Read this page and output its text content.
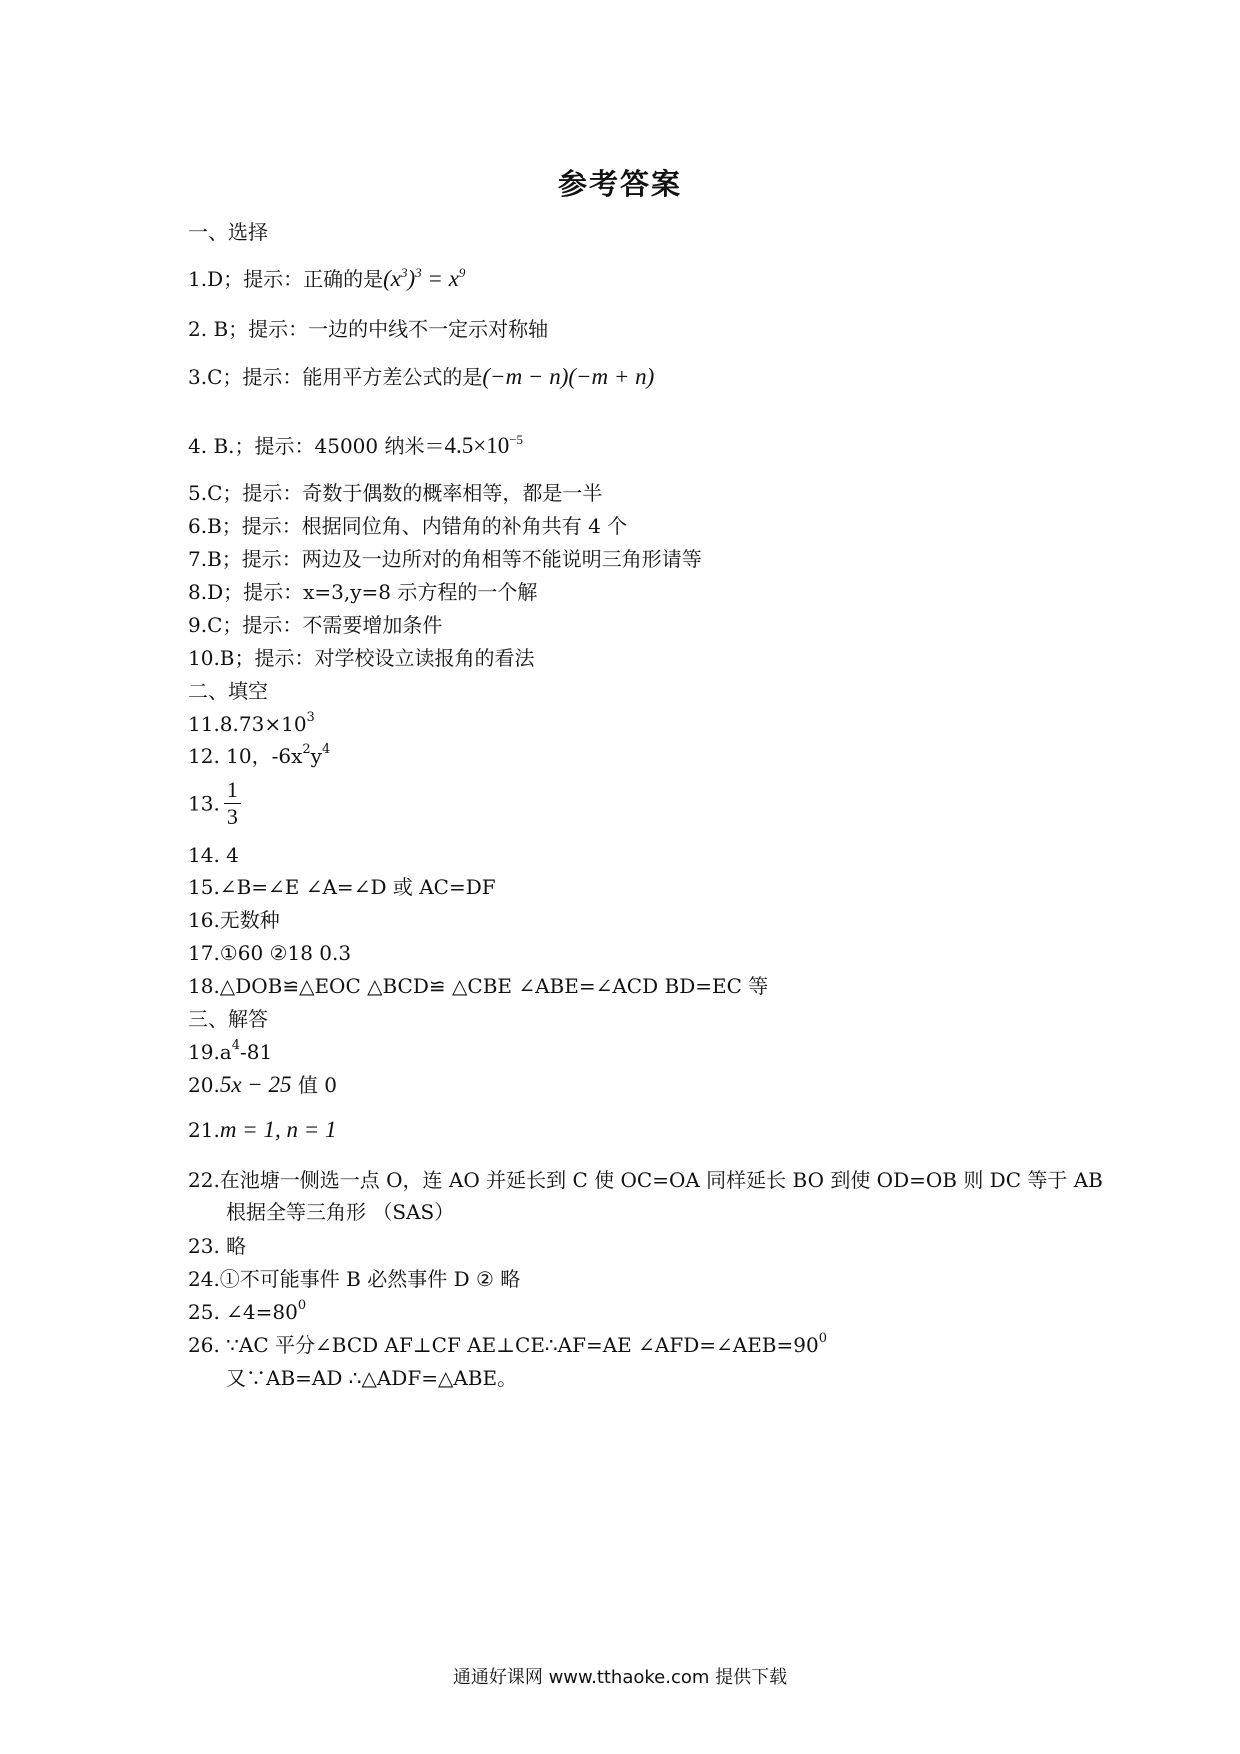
参考答案
一、选择
1.D；提示：正确的是$(x^3)^3 = x^9$
2. B；提示：一边的中线不一定示对称轴
3.C；提示：能用平方差公式的是(−m − n)(−m + n)
4. B.；提示：45000 纳米$=4.5\times 10^{-5}$
5.C；提示：奇数于偶数的概率相等，都是一半
6.B；提示：根据同位角、内错角的补角共有 4 个
7.B；提示：两边及一边所对的角相等不能说明三角形请等
8.D；提示：x=3,y=8 示方程的一个解
9.C；提示：不需要增加条件
10.B；提示：对学校设立读报角的看法
二、填空
$11.8.73\times 10^3$
12. 10，$-6x^2y^4$
13. $\frac{1}{3}$
14. 4
15.∠B=∠E ∠A=∠D 或 AC=DF
16.无数种
17.①60 ②18 0.3
18.△DOB≌△EOC △BCD≌ △CBE ∠ABE=∠ACD BD=EC 等
三、解答
$19.a^4-81$
20.5x − 25 值 0
21.m = 1, n = 1
22.在池塘一侧选一点 O，连 AO 并延长到 C 使 OC=OA 同样延长 BO 到使 OD=OB 则 DC 等于 AB
根据全等三角形 （SAS）
23. 略
24.①不可能事件 B 必然事件 D ② 略
25. $\angle 4=80^0$
26. ∵AC 平分∠BCD AF⊥CF AE⊥CE∴AF=AE $\angle AFD=\angle AEB=90^0$
又∵AB=AD ∴△ADF=△ABE。
通通好课网 www.tthaoke.com 提供下载
